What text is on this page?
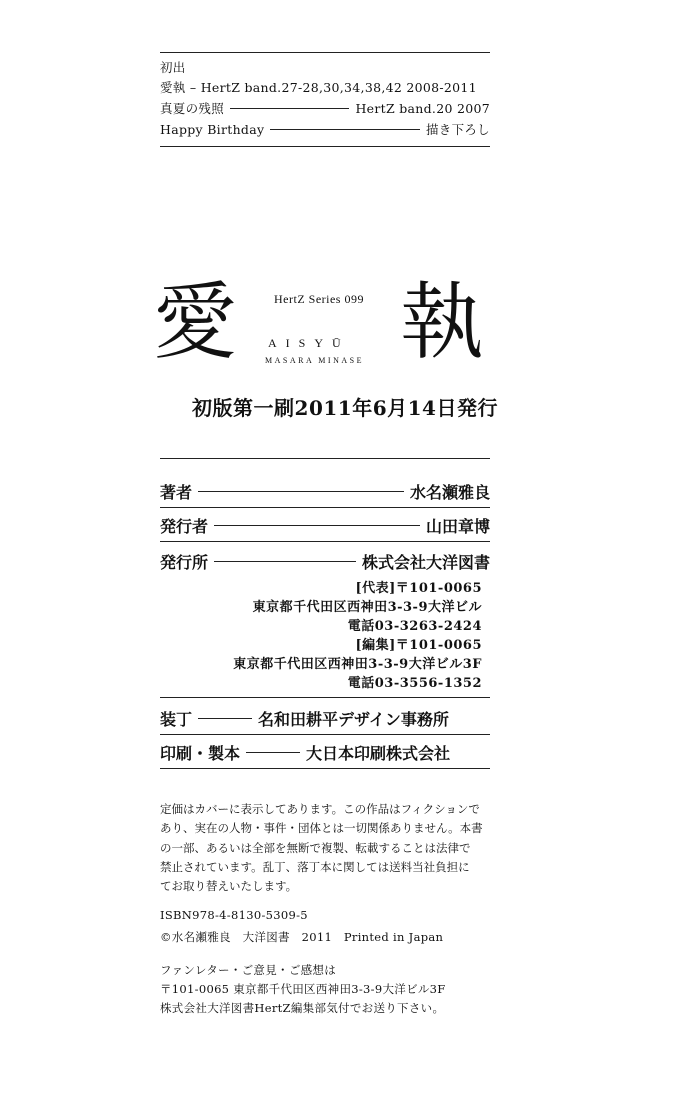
初出
愛執 – HertZ band.27-28,30,34,38,42 2008-2011
真夏の残照	HertZ band.20 2007
Happy Birthday	描き下ろし
愛 執
HertZ Series 099
AISYŪ
MASARA MINASE
初版第一刷2011年6月14日発行
著者	水名瀬雅良
発行者	山田章博
発行所	株式会社大洋図書
[代表]〒101-0065
東京都千代田区西神田3-3-9大洋ビル
電話03-3263-2424
[編集]〒101-0065
東京都千代田区西神田3-3-9大洋ビル3F
電話03-3556-1352
装丁	名和田耕平デザイン事務所
印刷・製本	大日本印刷株式会社
定価はカバーに表示してあります。この作品はフィクションで
あり、実在の人物・事件・団体とは一切関係ありません。本書
の一部、あるいは全部を無断で複製、転載することは法律で
禁止されています。乱丁、落丁本に関しては送料当社負担に
てお取り替えいたします。
ISBN978-4-8130-5309-5
©水名瀬雅良　大洋図書　2011　Printed in Japan
ファンレター・ご意見・ご感想は
〒101-0065 東京都千代田区西神田3-3-9大洋ビル3F
株式会社大洋図書HertZ編集部気付でお送り下さい。
